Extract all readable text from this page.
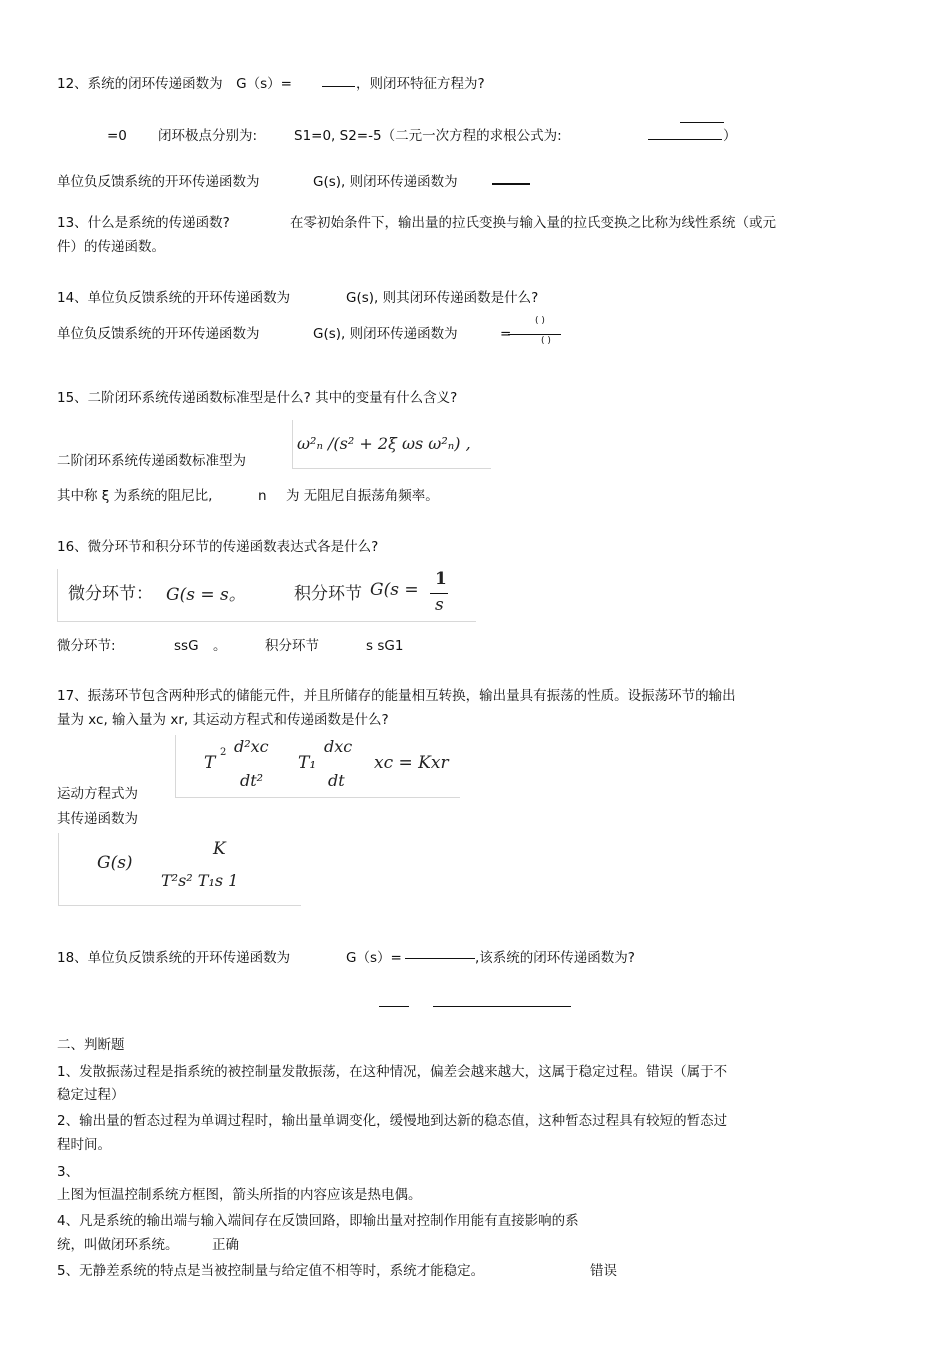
12、系统的闭环传递函数为　G（s）=	，则闭环特征方程为?
=0 闭环极点分别为:	S1=0, S2=-5（二元一次方程的求根公式为:	）
单位负反馈系统的开环传递函数为	G(s), 则闭环传递函数为
13、什么是系统的传递函数?	在零初始条件下，输出量的拉氏变换与输入量的拉氏变换之比称为线性系统（或元
件）的传递函数。
14、单位负反馈系统的开环传递函数为	G(s), 则其闭环传递函数是什么?
单位负反馈系统的开环传递函数为	G(s), 则闭环传递函数为	=
( )
( )
15、二阶闭环系统传递函数标准型是什么? 其中的变量有什么含义?
二阶闭环系统传递函数标准型为
ω²ₙ /(s² + 2ξ ωs ω²ₙ) ,
其中称 ξ 为系统的阻尼比,	n 为 无阻尼自振荡角频率。
16、微分环节和积分环节的传递函数表达式各是什么?
微分环节： G(s = s。	积分环节 G(s =
1
s
微分环节:	ssG 。	积分环节	s sG1
17、振荡环节包含两种形式的储能元件，并且所储存的能量相互转换，输出量具有振荡的性质。设振荡环节的输出
量为 xc, 输入量为 xr, 其运动方程式和传递函数是什么?
T
2 d²xc
dt²
T₁
dxc
dt
xc = Kxr
运动方程式为
其传递函数为
G(s)
K
T²s² T₁s 1
18、单位负反馈系统的开环传递函数为	G（s）=	,该系统的闭环传递函数为?
二、判断题
1、发散振荡过程是指系统的被控制量发散振荡，在这种情况，偏差会越来越大，这属于稳定过程。错误（属于不
稳定过程）
2、输出量的暂态过程为单调过程时，输出量单调变化，缓慢地到达新的稳态值，这种暂态过程具有较短的暂态过
程时间。
3、
上图为恒温控制系统方框图，箭头所指的内容应该是热电偶。
4、凡是系统的输出端与输入端间存在反馈回路，即输出量对控制作用能有直接影响的系
统，叫做闭环系统。 正确
5、无静差系统的特点是当被控制量与给定值不相等时，系统才能稳定。	错误
